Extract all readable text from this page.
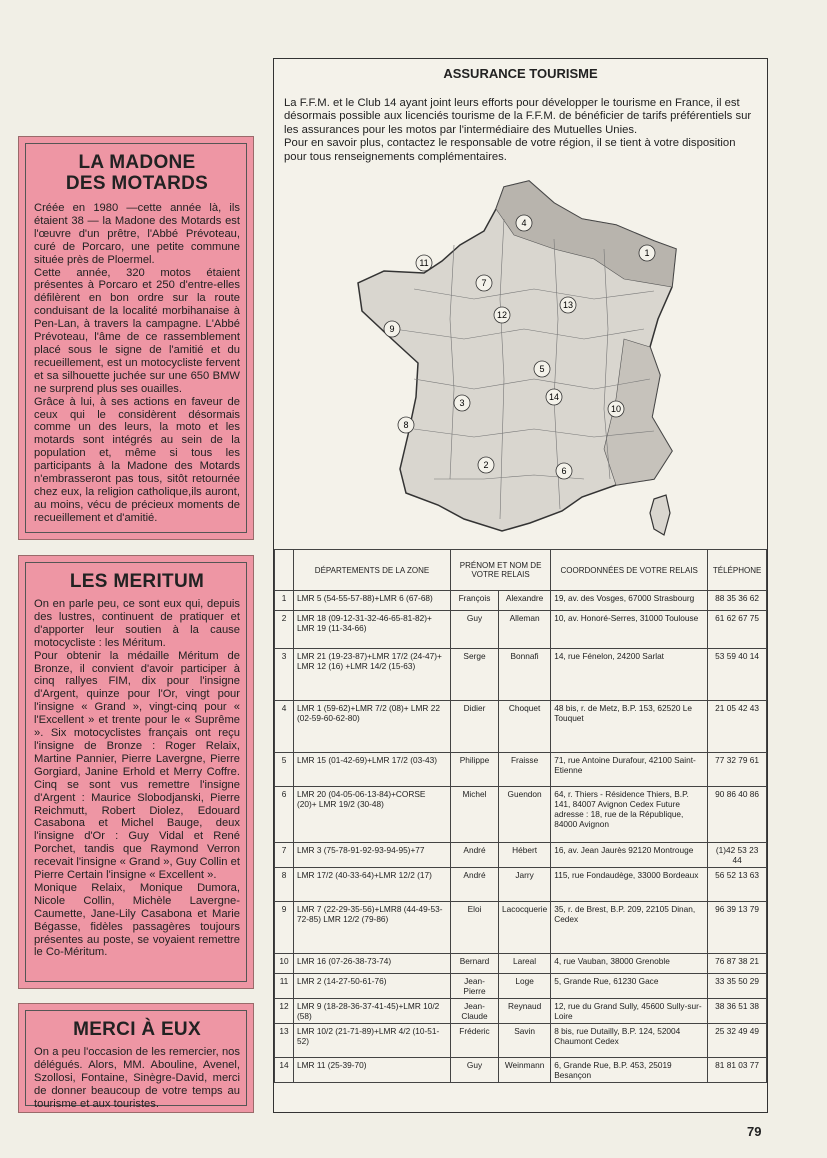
LA MADONE
DES MOTARDS

Créée en 1980 —cette année là, ils étaient 38 — la Madone des Motards est l'œuvre d'un prêtre, l'Abbé Prévoteau, curé de Porcaro, une petite commune située près de Ploermel.

Cette année, 320 motos étaient présentes à Porcaro et 250 d'entre-elles défilèrent en bon ordre sur la route conduisant de la localité morbihanaise à Pen-Lan, à travers la campagne. L'Abbé Prévoteau, l'âme de ce rassemblement placé sous le signe de l'amitié et du recueillement, est un motocycliste fervent et sa silhouette juchée sur une 650 BMW ne surprend plus ses ouailles.

Grâce à lui, à ses actions en faveur de ceux qui le considèrent désormais comme un des leurs, la moto et les motards sont intégrés au sein de la population et, même si tous les participants à la Madone des Motards n'embrasseront pas tous, sitôt retournée chez eux, la religion catholique,ils auront, au moins, vécu de précieux moments de recueillement et d'amitié.

LES MERITUM

On en parle peu, ce sont eux qui, depuis des lustres, continuent de pratiquer et d'apporter leur soutien à la cause motocycliste : les Méritum.

Pour obtenir la médaille Méritum de Bronze, il convient d'avoir participer à cinq rallyes FIM, dix pour l'insigne d'Argent, quinze pour l'Or, vingt pour l'insigne « Grand », vingt-cinq pour « l'Excellent » et trente pour le « Suprême ». Six motocyclistes français ont reçu l'insigne de Bronze : Roger Relaix, Martine Pannier, Pierre Lavergne, Pierre Gorgiard, Janine Erhold et Merry Coffre. Cinq se sont vus remettre l'insigne d'Argent : Maurice Slobodjanski, Pierre Reichmutt, Robert Diolez, Edouard Casabona et Michel Bauge, deux l'insigne d'Or : Guy Vidal et René Porchet, tandis que Raymond Verron recevait l'insigne « Grand », Guy Collin et Pierre Certain l'insigne « Excellent ».

Monique Relaix, Monique Dumora, Nicole Collin, Michèle Lavergne-Caumette, Jane-Lily Casabona et Marie Bégasse, fidèles passagères toujours présentes au poste, se voyaient remettre le Co-Méritum.

MERCI À EUX

On a peu l'occasion de les remercier, nos délégués. Alors, MM. Abouline, Avenel, Szollosi, Fontaine, Sinègre-David, merci de donner beaucoup de votre temps au tourisme et aux touristes.

ASSURANCE TOURISME

La F.F.M. et le Club 14 ayant joint leurs efforts pour développer le tourisme en France, il est désormais possible aux licenciés tourisme de la F.F.M. de bénéficier de tarifs préférentiels sur les assurances pour les motos par l'intermédiaire des Mutuelles Unies.

Pour en savoir plus, contactez le responsable de votre région, il se tient à votre disposition pour tous renseignements complémentaires.

1
2
3
4
5
6
7
8
9
10
11
12
13
14
	DÉPARTEMENTS DE LA ZONE	PRÉNOM ET NOM DE VOTRE RELAIS		COORDONNÉES DE VOTRE RELAIS	TÉLÉPHONE
1	LMR 5 (54-55-57-88)+LMR 6 (67-68)	François	Alexandre	19, av. des Vosges, 67000 Strasbourg	88 35 36 62
2	LMR 18 (09-12-31-32-46-65-81-82)+ LMR 19 (11-34-66)	Guy	Alleman	10, av. Honoré-Serres, 31000 Toulouse	61 62 67 75
3	LMR 21 (19-23-87)+LMR 17/2 (24-47)+ LMR 12 (16) +LMR 14/2 (15-63)	Serge	Bonnafi	14, rue Fénelon, 24200 Sarlat	53 59 40 14
4	LMR 1 (59-62)+LMR 7/2 (08)+ LMR 22 (02-59-60-62-80)	Didier	Choquet	48 bis, r. de Metz, B.P. 153, 62520 Le Touquet	21 05 42 43
5	LMR 15 (01-42-69)+LMR 17/2 (03-43)	Philippe	Fraisse	71, rue Antoine Durafour, 42100 Saint-Etienne	77 32 79 61
6	LMR 20 (04-05-06-13-84)+CORSE (20)+ LMR 19/2 (30-48)	Michel	Guendon	64, r. Thiers - Résidence Thiers, B.P. 141, 84007 Avignon Cedex Future adresse : 18, rue de la République, 84000 Avignon	90 86 40 86
7	LMR 3 (75-78-91-92-93-94-95)+77	André	Hébert	16, av. Jean Jaurès 92120 Montrouge	(1)42 53 23 44
8	LMR 17/2 (40-33-64)+LMR 12/2 (17)	André	Jarry	115, rue Fondaudège, 33000 Bordeaux	56 52 13 63
9	LMR 7 (22-29-35-56)+LMR8 (44-49-53-72-85) LMR 12/2 (79-86)	Eloi	Lacocquerie	35, r. de Brest, B.P. 209, 22105 Dinan, Cedex	96 39 13 79
10	LMR 16 (07-26-38-73-74)	Bernard	Lareal	4, rue Vauban, 38000 Grenoble	76 87 38 21
11	LMR 2 (14-27-50-61-76)	Jean-Pierre	Loge	5, Grande Rue, 61230 Gace	33 35 50 29
12	LMR 9 (18-28-36-37-41-45)+LMR 10/2 (58)	Jean-Claude	Reynaud	12, rue du Grand Sully, 45600 Sully-sur-Loire	38 36 51 38
13	LMR 10/2 (21-71-89)+LMR 4/2 (10-51-52)	Fréderic	Savin	8 bis, rue Dutailly, B.P. 124, 52004 Chaumont Cedex	25 32 49 49
14	LMR 11 (25-39-70)	Guy	Weinmann	6, Grande Rue, B.P. 453, 25019 Besançon	81 81 03 77
79
